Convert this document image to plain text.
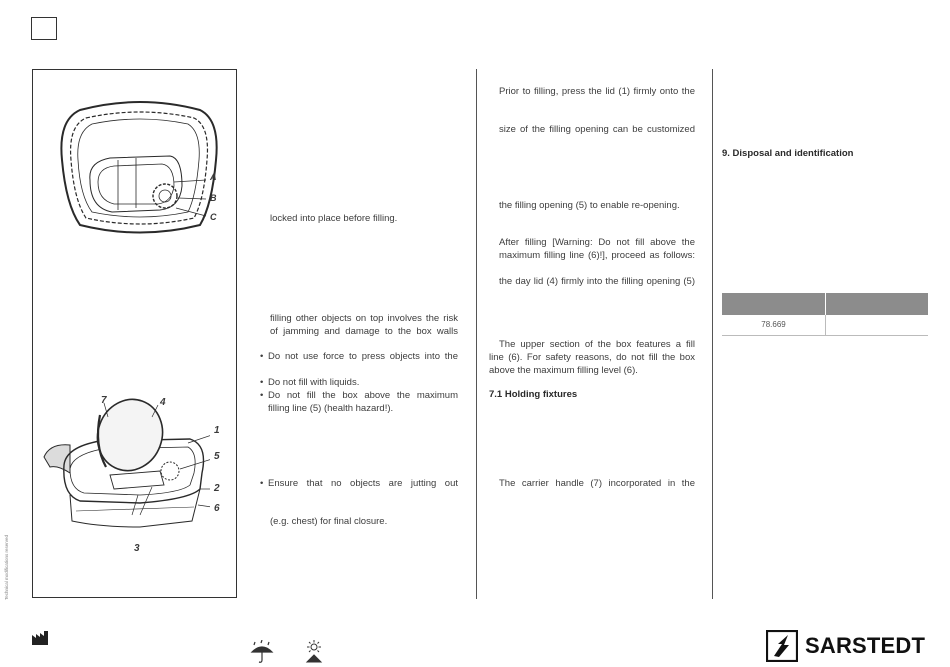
Technical modifications reserved
A
B
C
7	4
1
5
2
6
3

locked into place before filling.

filling other objects on top involves the risk

of jamming and damage to the box walls

• Do not use force to press objects into the
• Do not fill with liquids.
• Do not fill the box above the maximum

filling line (5) (health hazard!).

• Ensure that no objects are jutting out

(e.g. chest) for final closure.

Prior to filling, press the lid (1) firmly onto the

size of the filling opening can be customized

the filling opening (5) to enable re-opening.

After filling [Warning: Do not fill above the

maximum filling line (6)!], proceed as follows:

the day lid (4) firmly into the filling opening (5)

The upper section of the box features a fill

line (6). For safety reasons, do not fill the box

above the maximum filling level (6).

7.1 Holding fixtures

The carrier handle (7) incorporated in the

9. Disposal and identification
78.669
SARSTEDT
